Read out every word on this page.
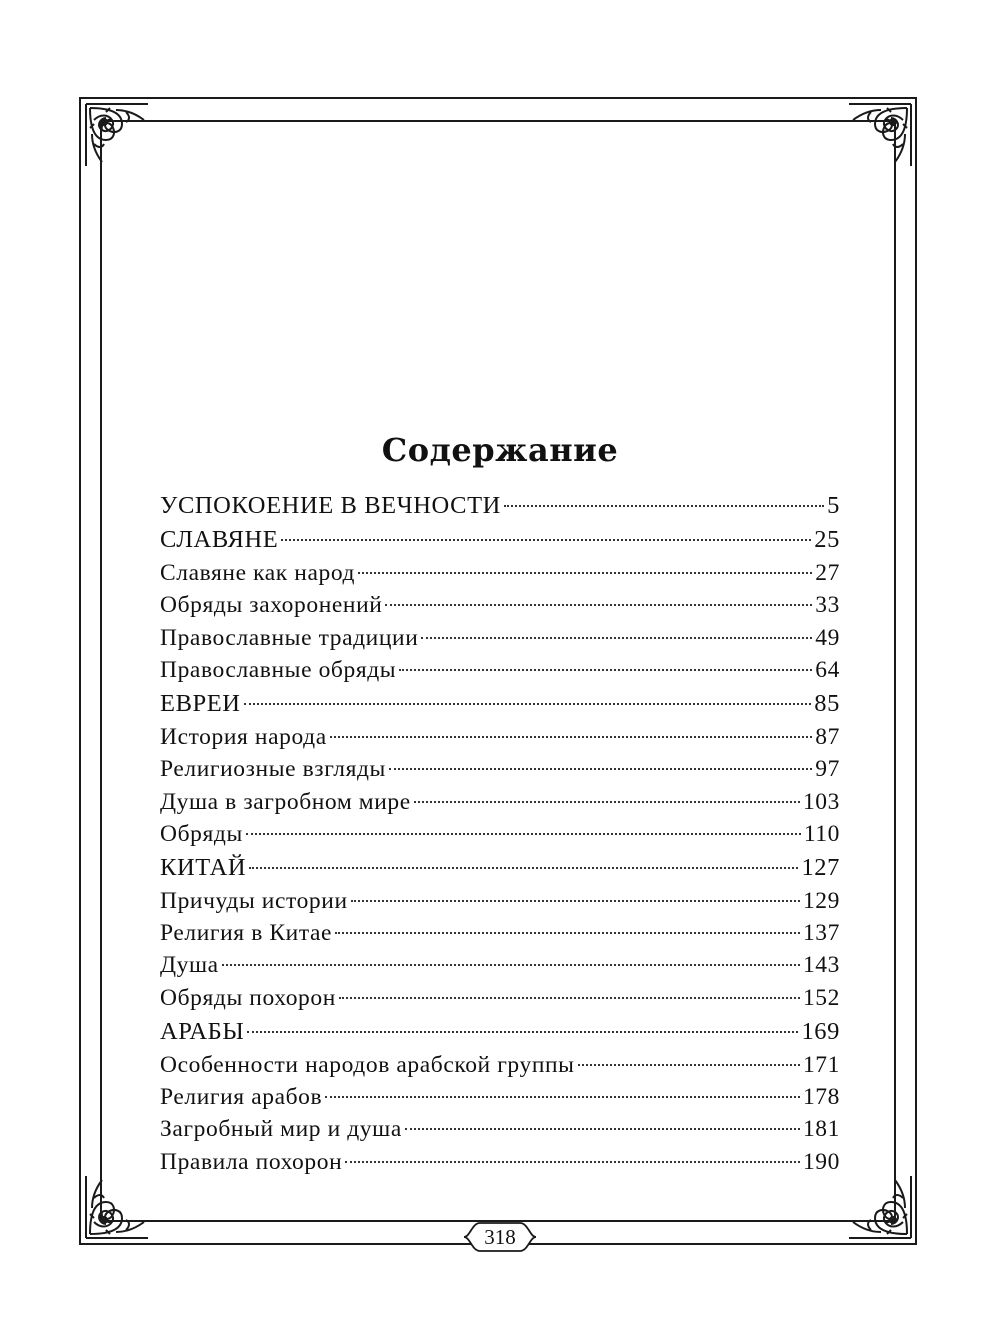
Содержание
УСПОКОЕНИЕ В ВЕЧНОСТИ	5
СЛАВЯНЕ	25
Славяне как народ	27
Обряды захоронений	33
Православные традиции	49
Православные обряды	64
ЕВРЕИ	85
История народа	87
Религиозные взгляды	97
Душа в загробном мире	103
Обряды	110
КИТАЙ	127
Причуды истории	129
Религия в Китае	137
Душа	143
Обряды похорон	152
АРАБЫ	169
Особенности народов арабской группы	171
Религия арабов	178
Загробный мир и душа	181
Правила похорон	190
318
